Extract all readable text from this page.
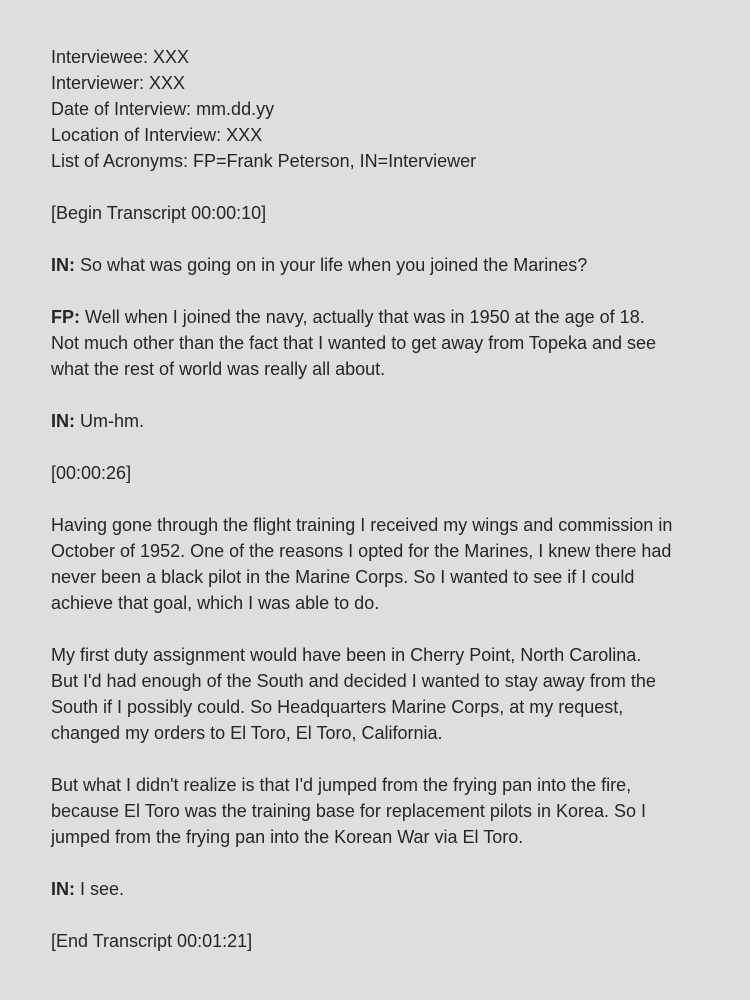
Interviewee: XXX

Interviewer: XXX

Date of Interview: mm.dd.yy

Location of Interview: XXX

List of Acronyms: FP=Frank Peterson, IN=Interviewer

[Begin Transcript 00:00:10]

IN: So what was going on in your life when you joined the Marines?

FP: Well when I joined the navy, actually that was in 1950 at the age of 18.

Not much other than the fact that I wanted to get away from Topeka and see

what the rest of world was really all about.

IN: Um-hm.

[00:00:26]

Having gone through the flight training I received my wings and commission in

October of 1952. One of the reasons I opted for the Marines, I knew there had

never been a black pilot in the Marine Corps. So I wanted to see if I could

achieve that goal, which I was able to do.

My first duty assignment would have been in Cherry Point, North Carolina.

But I'd had enough of the South and decided I wanted to stay away from the

South if I possibly could. So Headquarters Marine Corps, at my request,

changed my orders to El Toro, El Toro, California.

But what I didn't realize is that I'd jumped from the frying pan into the fire,

because El Toro was the training base for replacement pilots in Korea. So I

jumped from the frying pan into the Korean War via El Toro.

IN: I see.

[End Transcript 00:01:21]
